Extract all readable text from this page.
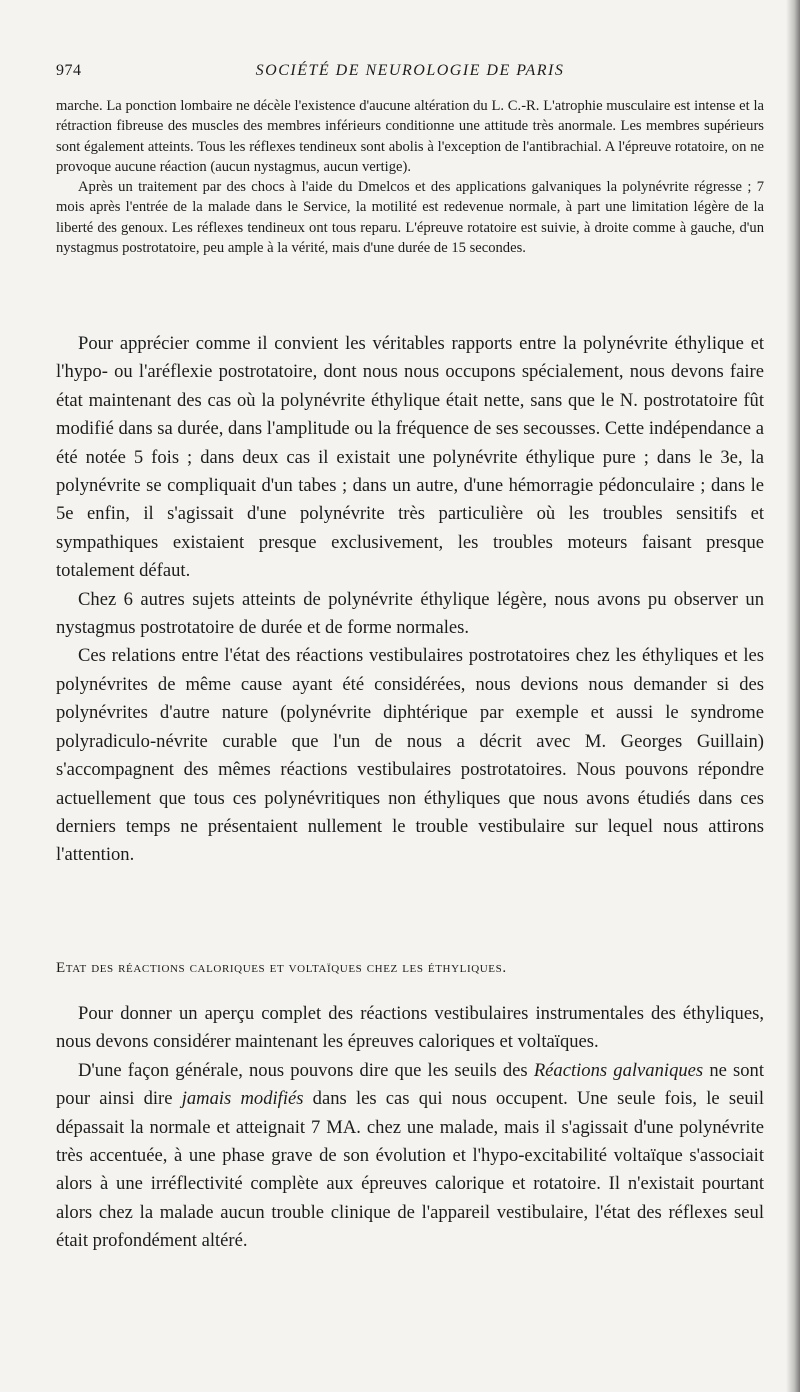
974	SOCIÉTÉ DE NEUROLOGIE DE PARIS

marche. La ponction lombaire ne décèle l'existence d'aucune altération du L. C.-R. L'atrophie musculaire est intense et la rétraction fibreuse des muscles des membres inférieurs conditionne une attitude très anormale. Les membres supérieurs sont également atteints. Tous les réflexes tendineux sont abolis à l'exception de l'antibrachial. A l'épreuve rotatoire, on ne provoque aucune réaction (aucun nystagmus, aucun vertige).

Après un traitement par des chocs à l'aide du Dmelcos et des applications galvaniques la polynévrite régresse ; 7 mois après l'entrée de la malade dans le Service, la motilité est redevenue normale, à part une limitation légère de la liberté des genoux. Les réflexes tendineux ont tous reparu. L'épreuve rotatoire est suivie, à droite comme à gauche, d'un nystagmus postrotatoire, peu ample à la vérité, mais d'une durée de 15 secondes.

Pour apprécier comme il convient les véritables rapports entre la polynévrite éthylique et l'hypo- ou l'aréflexie postrotatoire, dont nous nous occupons spécialement, nous devons faire état maintenant des cas où la polynévrite éthylique était nette, sans que le N. postrotatoire fût modifié dans sa durée, dans l'amplitude ou la fréquence de ses secousses. Cette indépendance a été notée 5 fois ; dans deux cas il existait une polynévrite éthylique pure ; dans le 3e, la polynévrite se compliquait d'un tabes ; dans un autre, d'une hémorragie pédonculaire ; dans le 5e enfin, il s'agissait d'une polynévrite très particulière où les troubles sensitifs et sympathiques existaient presque exclusivement, les troubles moteurs faisant presque totalement défaut.

Chez 6 autres sujets atteints de polynévrite éthylique légère, nous avons pu observer un nystagmus postrotatoire de durée et de forme normales.

Ces relations entre l'état des réactions vestibulaires postrotatoires chez les éthyliques et les polynévrites de même cause ayant été considérées, nous devions nous demander si des polynévrites d'autre nature (polynévrite diphtérique par exemple et aussi le syndrome polyradiculo-névrite curable que l'un de nous a décrit avec M. Georges Guillain) s'accompagnent des mêmes réactions vestibulaires postrotatoires. Nous pouvons répondre actuellement que tous ces polynévritiques non éthyliques que nous avons étudiés dans ces derniers temps ne présentaient nullement le trouble vestibulaire sur lequel nous attirons l'attention.

Etat des réactions caloriques et voltaïques chez les éthyliques.

Pour donner un aperçu complet des réactions vestibulaires instrumentales des éthyliques, nous devons considérer maintenant les épreuves caloriques et voltaïques.

D'une façon générale, nous pouvons dire que les seuils des Réactions galvaniques ne sont pour ainsi dire jamais modifiés dans les cas qui nous occupent. Une seule fois, le seuil dépassait la normale et atteignait 7 MA. chez une malade, mais il s'agissait d'une polynévrite très accentuée, à une phase grave de son évolution et l'hypo-excitabilité voltaïque s'associait alors à une irréflectivité complète aux épreuves calorique et rotatoire. Il n'existait pourtant alors chez la malade aucun trouble clinique de l'appareil vestibulaire, l'état des réflexes seul était profondément altéré.
